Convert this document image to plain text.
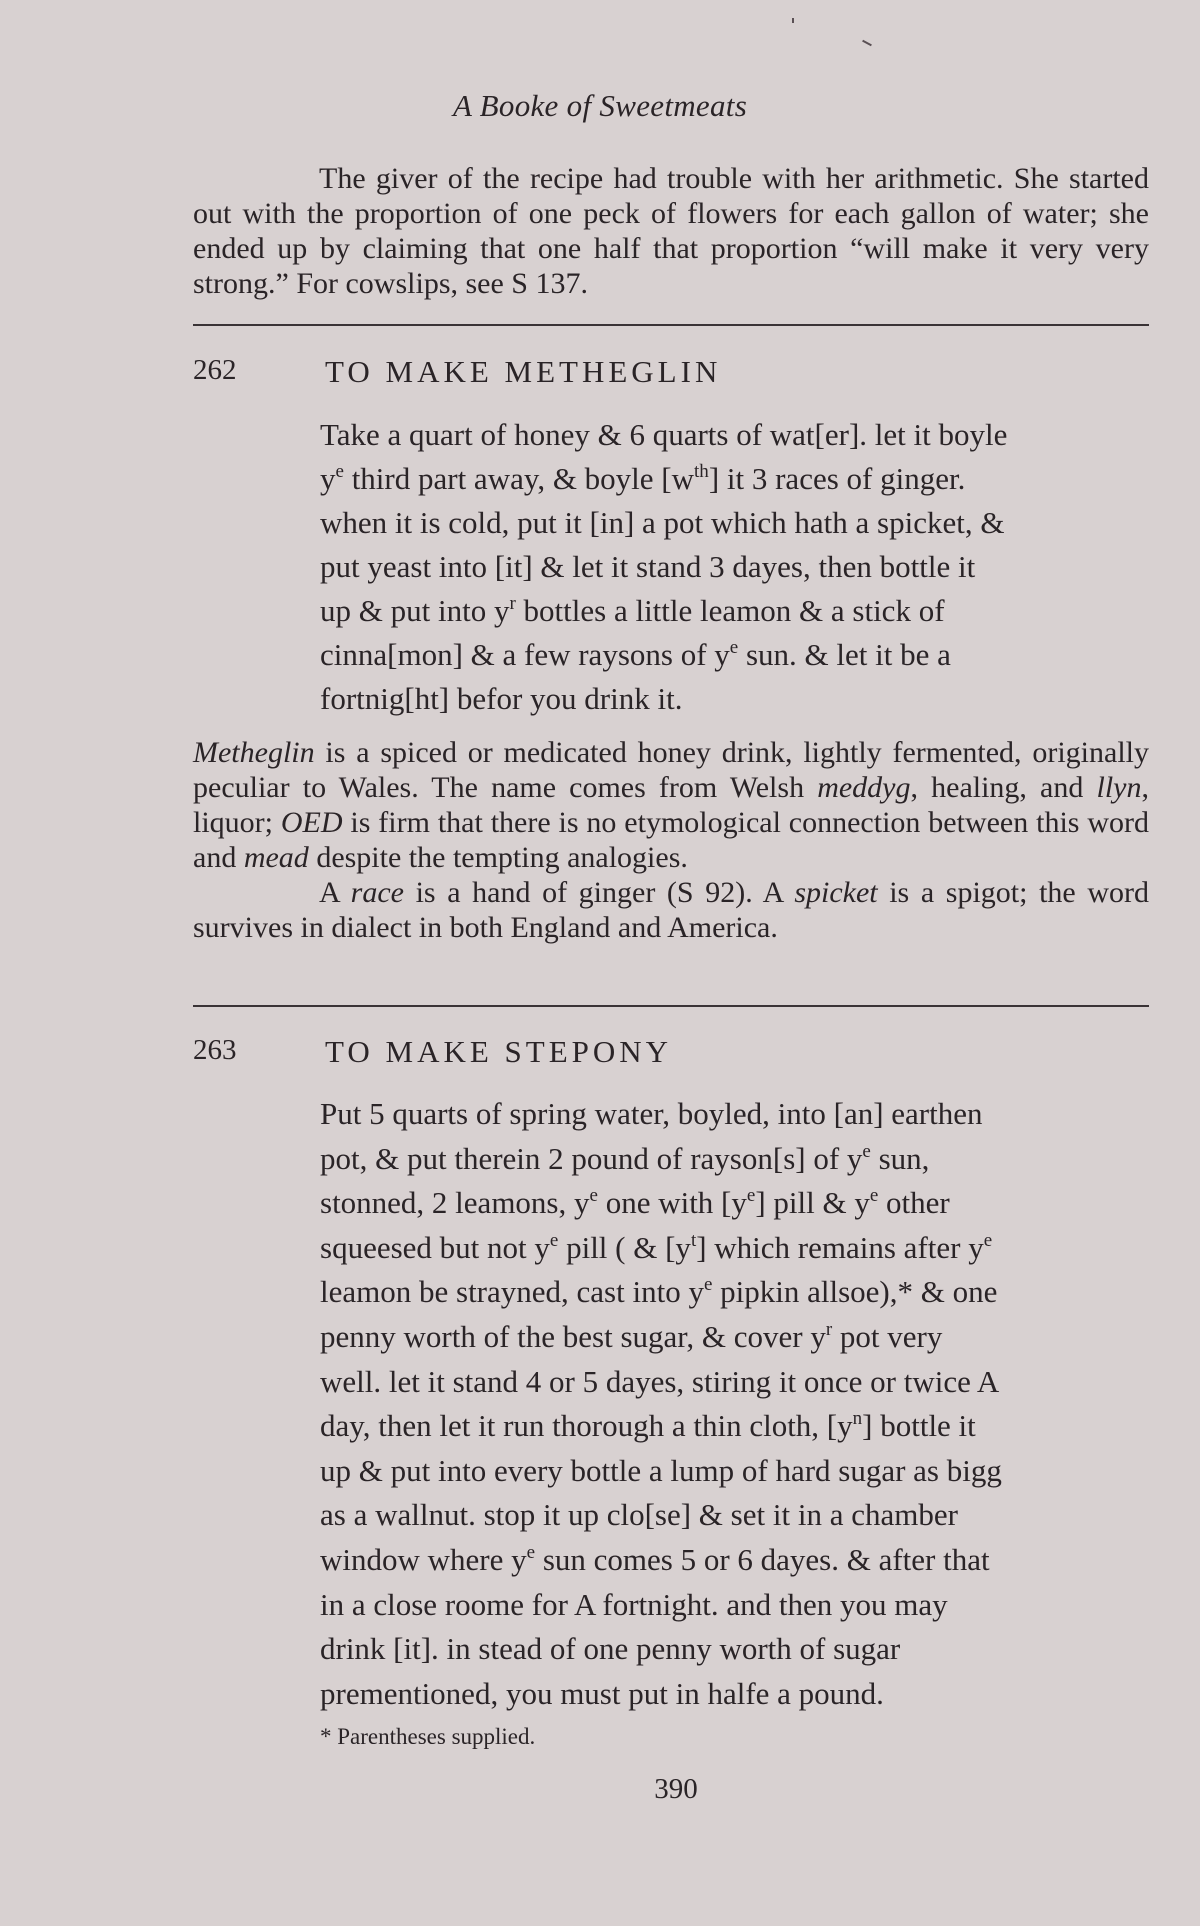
A Booke of Sweetmeats

The giver of the recipe had trouble with her arithmetic. She started out with the proportion of one peck of flowers for each gallon of water; she ended up by claiming that one half that proportion “will make it very very strong.” For cowslips, see S 137.

262	TO MAKE METHEGLIN
Take a quart of honey & 6 quarts of wat[er]. let it boyle
$y^e$ third part away, & boyle $[w^{th}]$ it 3 races of ginger.
when it is cold, put it [in] a pot which hath a spicket, &
put yeast into [it] & let it stand 3 dayes, then bottle it
up & put into $y^r$ bottles a little leamon & a stick of
cinna[mon] & a few raysons of $y^e$ sun. & let it be a
fortnig[ht] befor you drink it.

Metheglin is a spiced or medicated honey drink, lightly fermented, originally peculiar to Wales. The name comes from Welsh meddyg, healing, and llyn, liquor; OED is firm that there is no etymological connection between this word and mead despite the tempting analogies.

A race is a hand of ginger (S 92). A spicket is a spigot; the word survives in dialect in both England and America.

263	TO MAKE STEPONY
Put 5 quarts of spring water, boyled, into [an] earthen
pot, & put therein 2 pound of rayson[s] of $y^e$ sun,
stonned, 2 leamons, $y^e$ one with $[y^e]$ pill & $y^e$ other
squeesed but not $y^e$ pill ( & $[y^t]$ which remains after $y^e$
leamon be strayned, cast into $y^e$ pipkin allsoe),* & one
penny worth of the best sugar, & cover $y^r$ pot very
well. let it stand 4 or 5 dayes, stiring it once or twice A
day, then let it run thorough a thin cloth, $[y^n]$ bottle it
up & put into every bottle a lump of hard sugar as bigg
as a wallnut. stop it up clo[se] & set it in a chamber
window where $y^e$ sun comes 5 or 6 dayes. & after that
in a close roome for A fortnight. and then you may
drink [it]. in stead of one penny worth of sugar
prementioned, you must put in halfe a pound.
* Parentheses supplied.
390
